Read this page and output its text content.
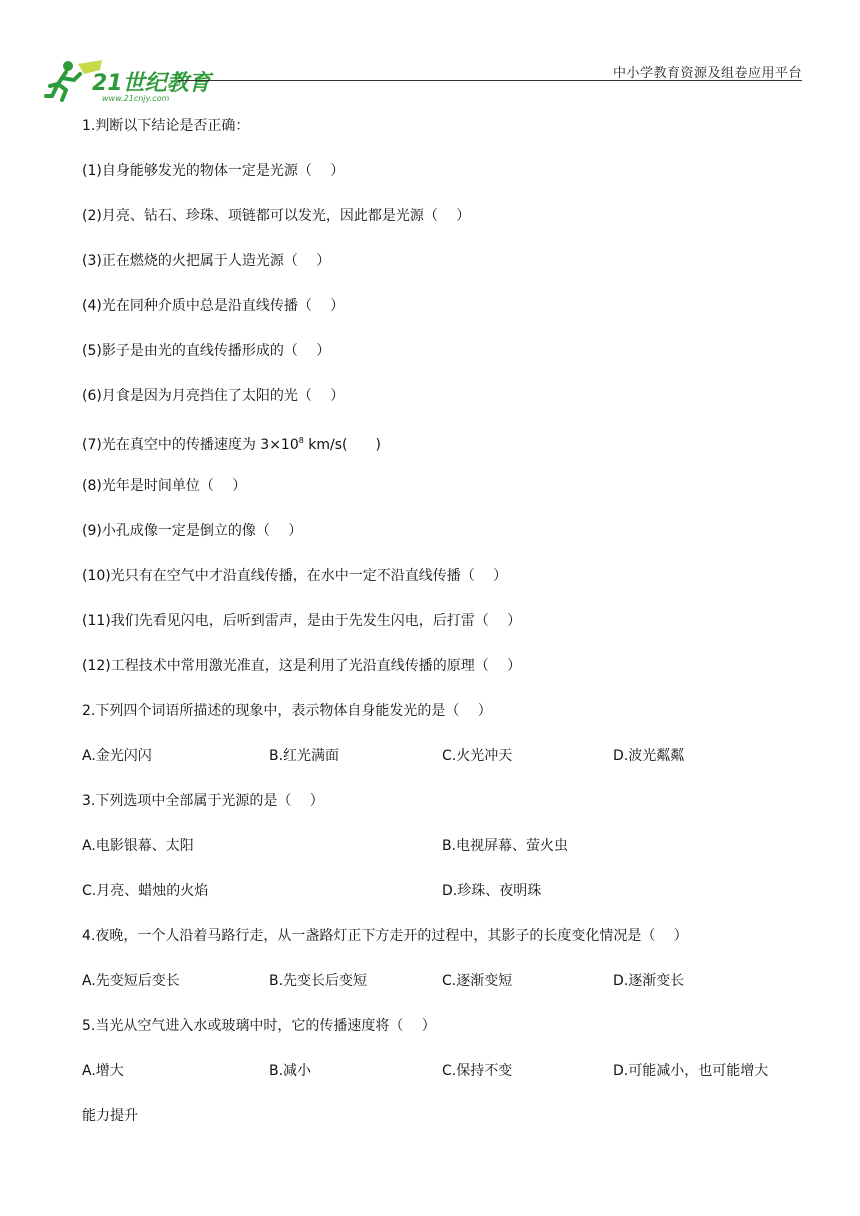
21世纪教育
www.21cnjy.com
中小学教育资源及组卷应用平台
1.判断以下结论是否正确：
(1)自身能够发光的物体一定是光源（　 ）
(2)月亮、钻石、珍珠、项链都可以发光，因此都是光源（　 ）
(3)正在燃烧的火把属于人造光源（　 ）
(4)光在同种介质中总是沿直线传播（　 ）
(5)影子是由光的直线传播形成的（　 ）
(6)月食是因为月亮挡住了太阳的光（　 ）
(7)光在真空中的传播速度为 $3\times 10^8$ km/s(　　)
(8)光年是时间单位（　 ）
(9)小孔成像一定是倒立的像（　 ）
(10)光只有在空气中才沿直线传播，在水中一定不沿直线传播（　 ）
(11)我们先看见闪电，后听到雷声，是由于先发生闪电，后打雷（　 ）
(12)工程技术中常用激光准直，这是利用了光沿直线传播的原理（　 ）
2.下列四个词语所描述的现象中，表示物体自身能发光的是（　 ）
A.金光闪闪	B.红光满面	C.火光冲天	D.波光粼粼
3.下列选项中全部属于光源的是（　 ）
A.电影银幕、太阳	B.电视屏幕、萤火虫
C.月亮、蜡烛的火焰	D.珍珠、夜明珠
4.夜晚，一个人沿着马路行走，从一盏路灯正下方走开的过程中，其影子的长度变化情况是（　 ）
A.先变短后变长	B.先变长后变短	C.逐渐变短	D.逐渐变长
5.当光从空气进入水或玻璃中时，它的传播速度将（　 ）
A.增大	B.减小	C.保持不变	D.可能减小，也可能增大
能力提升
